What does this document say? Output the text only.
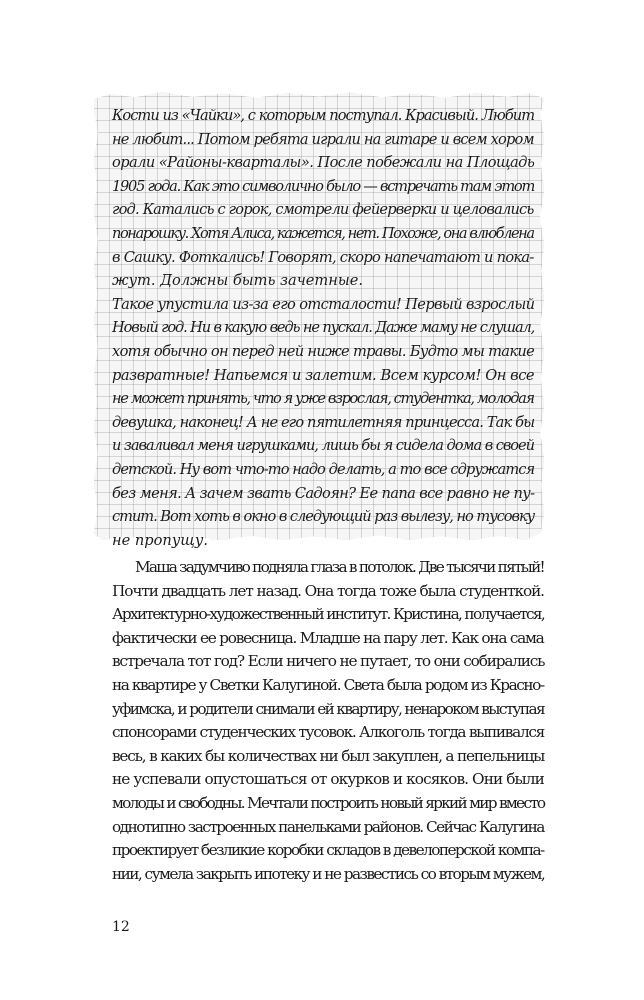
Кости из «Чайки», с которым поступал. Красивый. Любит
не любит... Потом ребята играли на гитаре и всем хором
орали «Районы-кварталы». После побежали на Площадь
1905 года. Как это символично было — встречать там этот
год. Катались с горок, смотрели фейерверки и целовались
понарошку. Хотя Алиса, кажется, нет. Похоже, она влюблена
в Сашку. Фоткались! Говорят, скоро напечатают и пока-
жут. Должны быть зачетные.
Такое упустила из-за его отсталости! Первый взрослый
Новый год. Ни в какую ведь не пускал. Даже маму не слушал,
хотя обычно он перед ней ниже травы. Будто мы такие
развратные! Напьемся и залетим. Всем курсом! Он все
не может принять, что я уже взрослая, студентка, молодая
девушка, наконец! А не его пятилетняя принцесса. Так бы
и заваливал меня игрушками, лишь бы я сидела дома в своей
детской. Ну вот что-то надо делать, а то все сдружатся
без меня. А зачем звать Садоян? Ее папа все равно не пу-
стит. Вот хоть в окно в следующий раз вылезу, но тусовку
не пропущу.
Маша задумчиво подняла глаза в потолок. Две тысячи пятый!
Почти двадцать лет назад. Она тогда тоже была студенткой.
Архитектурно-художественный институт. Кристина, получается,
фактически ее ровесница. Младше на пару лет. Как она сама
встречала тот год? Если ничего не путает, то они собирались
на квартире у Светки Калугиной. Света была родом из Красно-
уфимска, и родители снимали ей квартиру, ненароком выступая
спонсорами студенческих тусовок. Алкоголь тогда выпивался
весь, в каких бы количествах ни был закуплен, а пепельницы
не успевали опустошаться от окурков и косяков. Они были
молоды и свободны. Мечтали построить новый яркий мир вместо
однотипно застроенных панельками районов. Сейчас Калугина
проектирует безликие коробки складов в девелоперской компа-
нии, сумела закрыть ипотеку и не развестись со вторым мужем,
12
